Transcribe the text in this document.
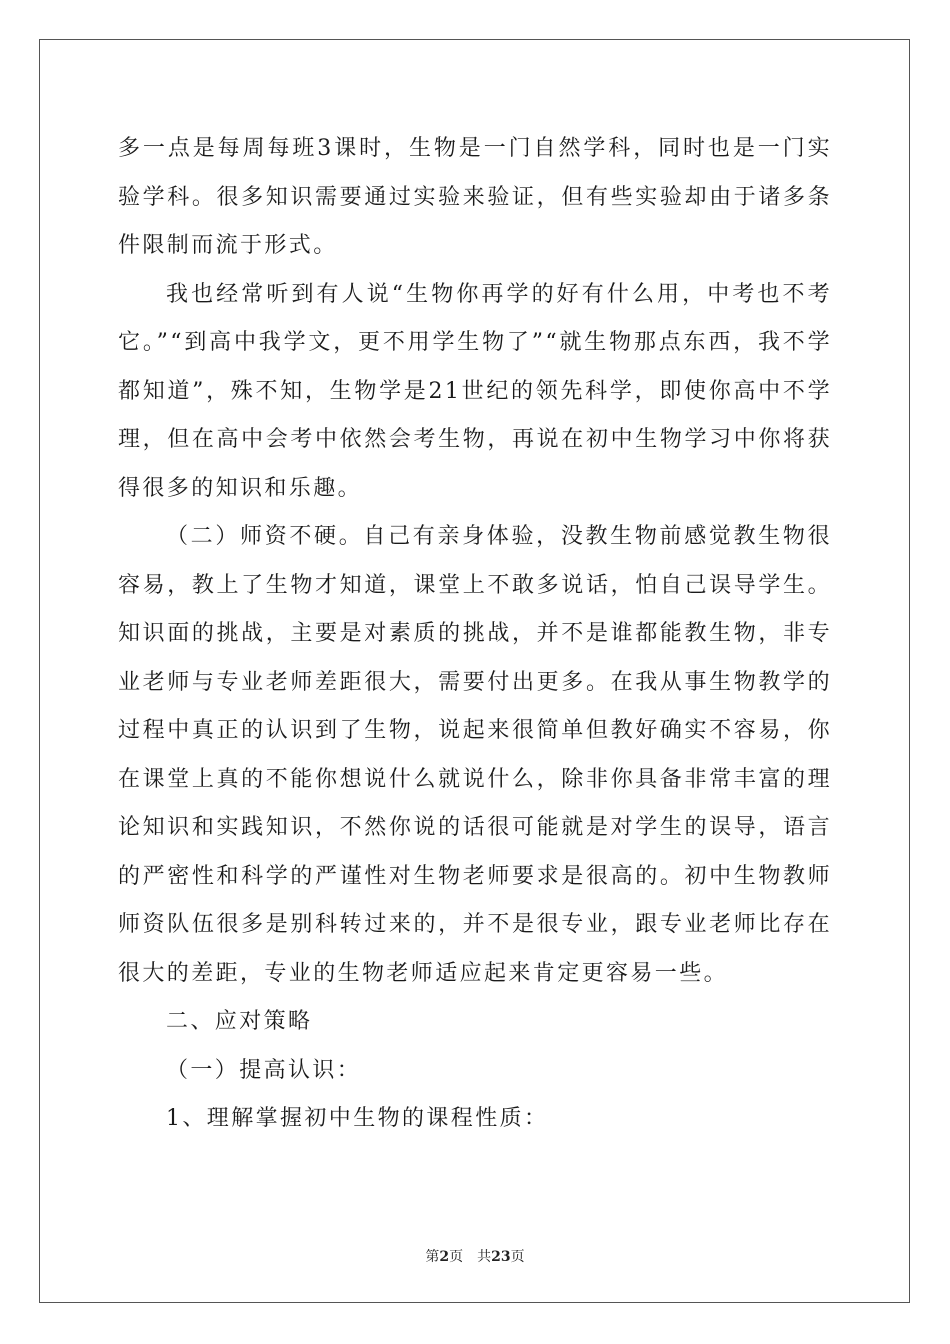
多一点是每周每班3课时，生物是一门自然学科，同时也是一门实验学科。很多知识需要通过实验来验证，但有些实验却由于诸多条件限制而流于形式。

我也经常听到有人说“生物你再学的好有什么用，中考也不考它。”“到高中我学文，更不用学生物了”“就生物那点东西，我不学都知道”，殊不知，生物学是21世纪的领先科学，即使你高中不学理，但在高中会考中依然会考生物，再说在初中生物学习中你将获得很多的知识和乐趣。

（二）师资不硬。自己有亲身体验，没教生物前感觉教生物很容易，教上了生物才知道，课堂上不敢多说话，怕自己误导学生。知识面的挑战，主要是对素质的挑战，并不是谁都能教生物，非专业老师与专业老师差距很大，需要付出更多。在我从事生物教学的过程中真正的认识到了生物，说起来很简单但教好确实不容易，你在课堂上真的不能你想说什么就说什么，除非你具备非常丰富的理论知识和实践知识，不然你说的话很可能就是对学生的误导，语言的严密性和科学的严谨性对生物老师要求是很高的。初中生物教师师资队伍很多是别科转过来的，并不是很专业，跟专业老师比存在很大的差距，专业的生物老师适应起来肯定更容易一些。

二、应对策略

（一）提高认识：

1、理解掌握初中生物的课程性质：

第2页 共23页
